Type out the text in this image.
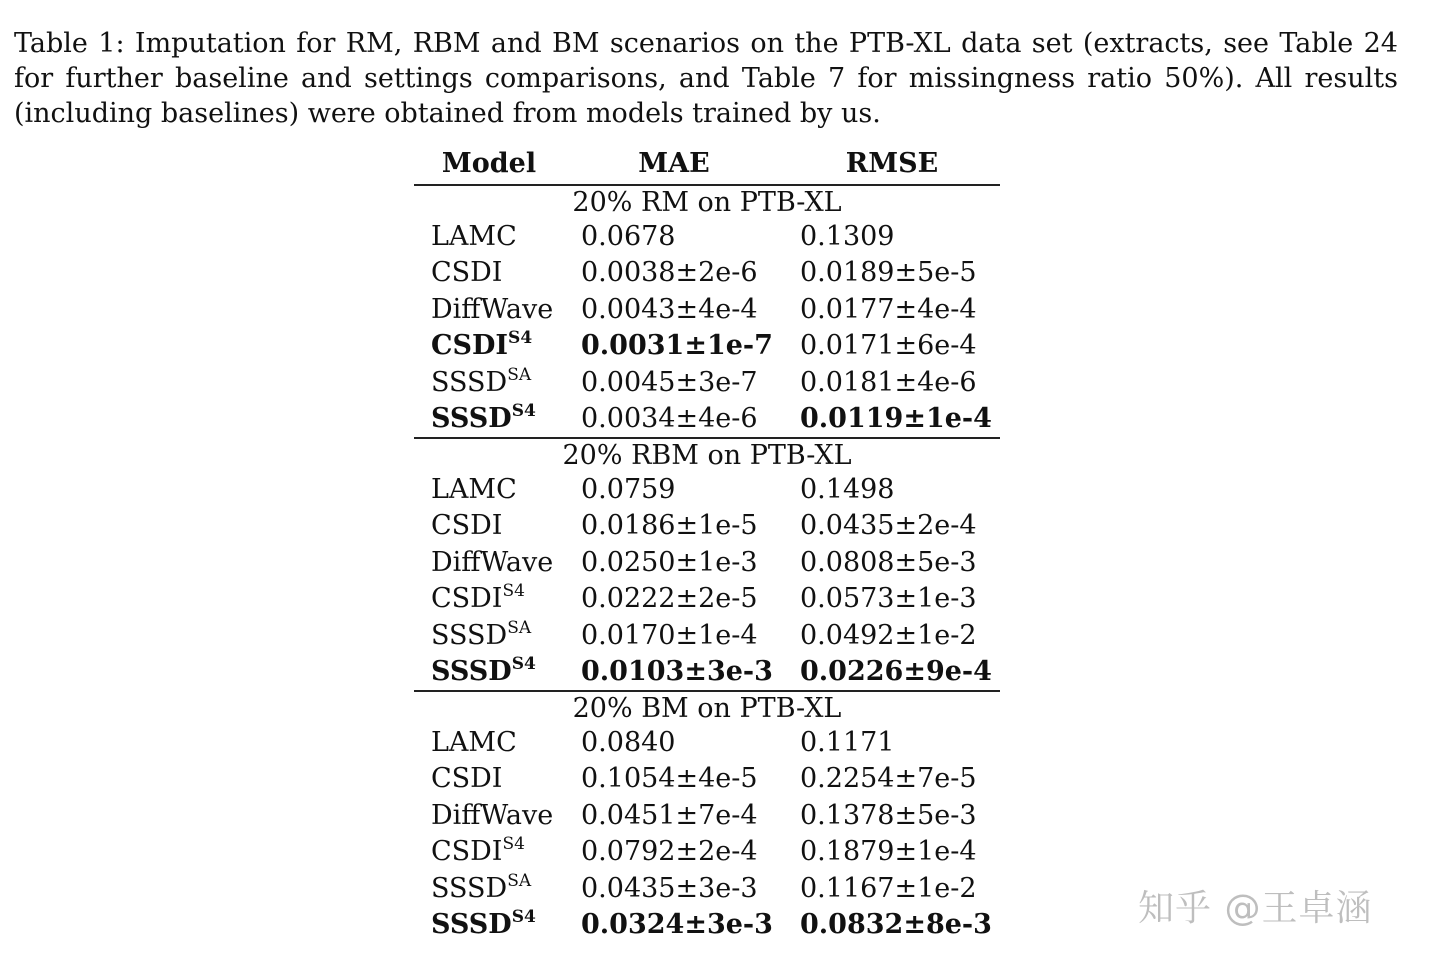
Table 1: Imputation for RM, RBM and BM scenarios on the PTB-XL data set (extracts, see Table 24 for further baseline and settings comparisons, and Table 7 for missingness ratio 50%). All results (including baselines) were obtained from models trained by us.

Model	MAE	RMSE
20% RM on PTB-XL		
LAMC	0.0678	0.1309
CSDI	0.0038±2e-6	0.0189±5e-5
DiffWave	0.0043±4e-4	0.0177±4e-4
$CSDI^{S4}$	0.0031±1e-7	0.0171±6e-4
$SSSD^{SA}$	0.0045±3e-7	0.0181±4e-6
$SSSD^{S4}$	0.0034±4e-6	0.0119±1e-4
20% RBM on PTB-XL		
LAMC	0.0759	0.1498
CSDI	0.0186±1e-5	0.0435±2e-4
DiffWave	0.0250±1e-3	0.0808±5e-3
$CSDI^{S4}$	0.0222±2e-5	0.0573±1e-3
$SSSD^{SA}$	0.0170±1e-4	0.0492±1e-2
$SSSD^{S4}$	0.0103±3e-3	0.0226±9e-4
20% BM on PTB-XL		
LAMC	0.0840	0.1171
CSDI	0.1054±4e-5	0.2254±7e-5
DiffWave	0.0451±7e-4	0.1378±5e-3
$CSDI^{S4}$	0.0792±2e-4	0.1879±1e-4
$SSSD^{SA}$	0.0435±3e-3	0.1167±1e-2
$SSSD^{S4}$	0.0324±3e-3	0.0832±8e-3	知乎 @王卓涵
